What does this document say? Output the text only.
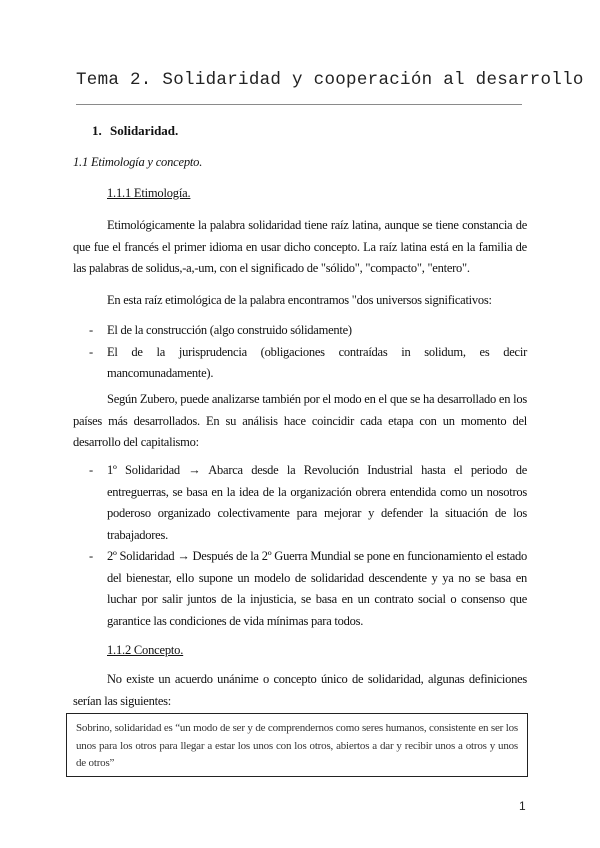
Tema 2. Solidaridad y cooperación al desarrollo
1. Solidaridad.
1.1 Etimología y concepto.
1.1.1 Etimología.

Etimológicamente la palabra solidaridad tiene raíz latina, aunque se tiene constancia de que fue el francés el primer idioma en usar dicho concepto. La raíz latina está en la familia de las palabras de solidus,-a,-um, con el significado de "sólido", "compacto", "entero".

En esta raíz etimológica de la palabra encontramos "dos universos significativos:

- El de la construcción (algo construido sólidamente)
- El de la jurisprudencia (obligaciones contraídas in solidum, es decir mancomunadamente).

Según Zubero, puede analizarse también por el modo en el que se ha desarrollado en los países más desarrollados. En su análisis hace coincidir cada etapa con un momento del desarrollo del capitalismo:

- 1º Solidaridad → Abarca desde la Revolución Industrial hasta el periodo de entreguerras, se basa en la idea de la organización obrera entendida como un nosotros poderoso organizado colectivamente para mejorar y defender la situación de los trabajadores.
- 2º Solidaridad → Después de la 2º Guerra Mundial se pone en funcionamiento el estado del bienestar, ello supone un modelo de solidaridad descendente y ya no se basa en luchar por salir juntos de la injusticia, se basa en un contrato social o consenso que garantice las condiciones de vida mínimas para todos.
1.1.2 Concepto.

No existe un acuerdo unánime o concepto único de solidaridad, algunas definiciones serían las siguientes:

Sobrino, solidaridad es “un modo de ser y de comprendernos como seres humanos, consistente en ser los unos para los otros para llegar a estar los unos con los otros, abiertos a dar y recibir unos a otros y unos de otros”

1
